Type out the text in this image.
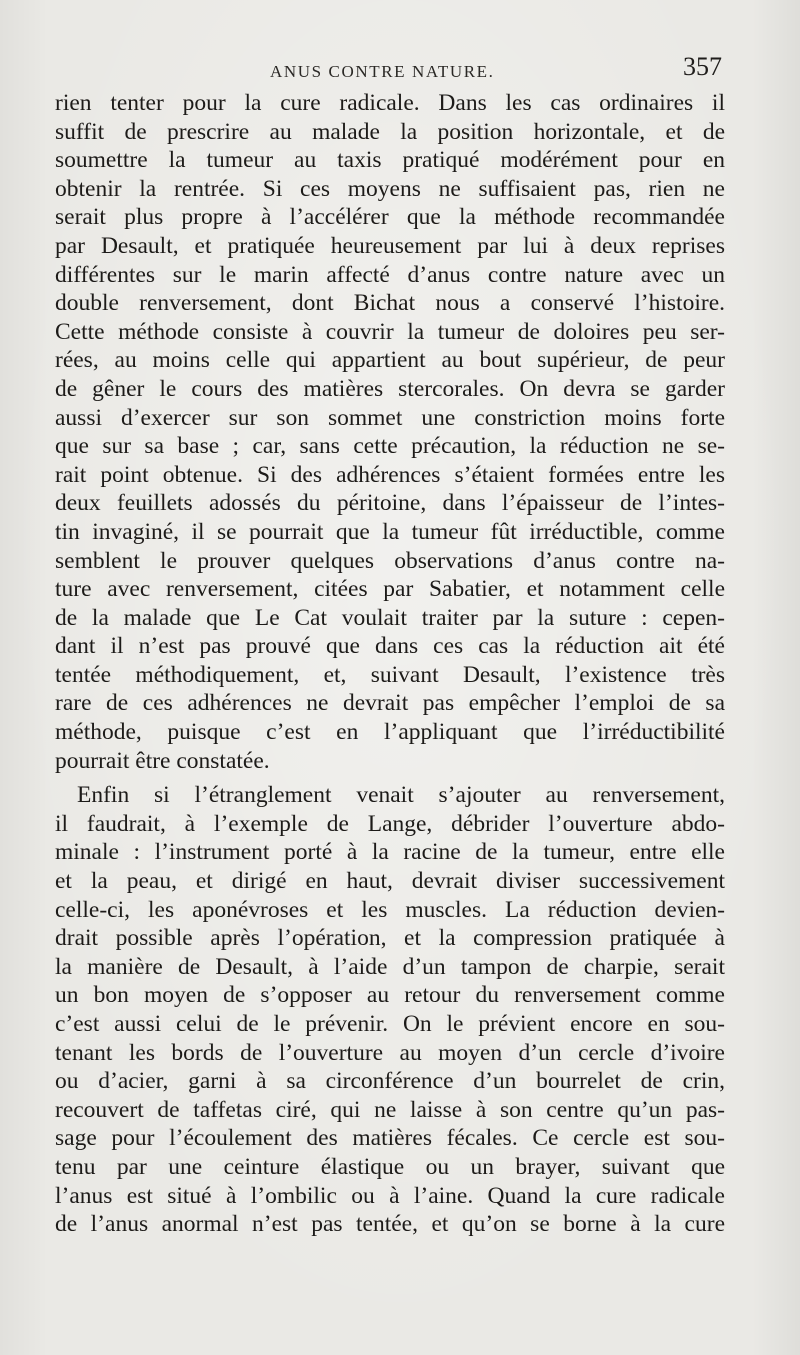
ANUS CONTRE NATURE.	357
rien tenter pour la cure radicale. Dans les cas ordinaires il
suffit de prescrire au malade la position horizontale, et de
soumettre la tumeur au taxis pratiqué modérément pour en
obtenir la rentrée. Si ces moyens ne suffisaient pas, rien ne
serait plus propre à l’accélérer que la méthode recommandée
par Desault, et pratiquée heureusement par lui à deux reprises
différentes sur le marin affecté d’anus contre nature avec un
double renversement, dont Bichat nous a conservé l’histoire.
Cette méthode consiste à couvrir la tumeur de doloires peu ser-
rées, au moins celle qui appartient au bout supérieur, de peur
de gêner le cours des matières stercorales. On devra se garder
aussi d’exercer sur son sommet une constriction moins forte
que sur sa base ; car, sans cette précaution, la réduction ne se-
rait point obtenue. Si des adhérences s’étaient formées entre les
deux feuillets adossés du péritoine, dans l’épaisseur de l’intes-
tin invaginé, il se pourrait que la tumeur fût irréductible, comme
semblent le prouver quelques observations d’anus contre na-
ture avec renversement, citées par Sabatier, et notamment celle
de la malade que Le Cat voulait traiter par la suture : cepen-
dant il n’est pas prouvé que dans ces cas la réduction ait été
tentée méthodiquement, et, suivant Desault, l’existence très
rare de ces adhérences ne devrait pas empêcher l’emploi de sa
méthode, puisque c’est en l’appliquant que l’irréductibilité
pourrait être constatée.
Enfin si l’étranglement venait s’ajouter au renversement,
il faudrait, à l’exemple de Lange, débrider l’ouverture abdo-
minale : l’instrument porté à la racine de la tumeur, entre elle
et la peau, et dirigé en haut, devrait diviser successivement
celle-ci, les aponévroses et les muscles. La réduction devien-
drait possible après l’opération, et la compression pratiquée à
la manière de Desault, à l’aide d’un tampon de charpie, serait
un bon moyen de s’opposer au retour du renversement comme
c’est aussi celui de le prévenir. On le prévient encore en sou-
tenant les bords de l’ouverture au moyen d’un cercle d’ivoire
ou d’acier, garni à sa circonférence d’un bourrelet de crin,
recouvert de taffetas ciré, qui ne laisse à son centre qu’un pas-
sage pour l’écoulement des matières fécales. Ce cercle est sou-
tenu par une ceinture élastique ou un brayer, suivant que
l’anus est situé à l’ombilic ou à l’aine. Quand la cure radicale
de l’anus anormal n’est pas tentée, et qu’on se borne à la cure
